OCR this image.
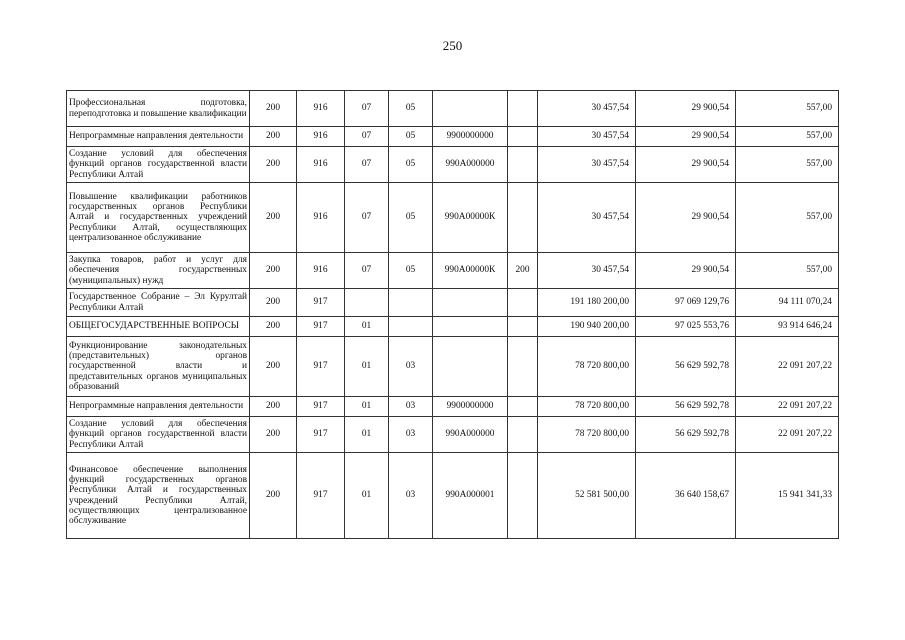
250
Профессиональная подготовка, переподготовка и повышение квалификации	200	916	07	05			30 457,54	29 900,54	557,00
Непрограммные направления деятельности	200	916	07	05	9900000000		30 457,54	29 900,54	557,00
Создание условий для обеспечения функций органов государственной власти Республики Алтай	200	916	07	05	990А000000		30 457,54	29 900,54	557,00
Повышение квалификации работников государственных органов Республики Алтай и государственных учреждений Республики Алтай, осуществляющих централизованное обслуживание	200	916	07	05	990А00000К		30 457,54	29 900,54	557,00
Закупка товаров, работ и услуг для обеспечения государственных (муниципальных) нужд	200	916	07	05	990А00000К	200	30 457,54	29 900,54	557,00
Государственное Собрание – Эл Курултай Республики Алтай	200	917					191 180 200,00	97 069 129,76	94 111 070,24
ОБЩЕГОСУДАРСТВЕННЫЕ ВОПРОСЫ	200	917	01				190 940 200,00	97 025 553,76	93 914 646,24
Функционирование законодательных (представительных) органов государственной власти и представительных органов муниципальных образований	200	917	01	03			78 720 800,00	56 629 592,78	22 091 207,22
Непрограммные направления деятельности	200	917	01	03	9900000000		78 720 800,00	56 629 592,78	22 091 207,22
Создание условий для обеспечения функций органов государственной власти Республики Алтай	200	917	01	03	990А000000		78 720 800,00	56 629 592,78	22 091 207,22
Финансовое обеспечение выполнения функций государственных органов Республики Алтай и государственных учреждений Республики Алтай, осуществляющих централизованное обслуживание	200	917	01	03	990А000001		52 581 500,00	36 640 158,67	15 941 341,33
